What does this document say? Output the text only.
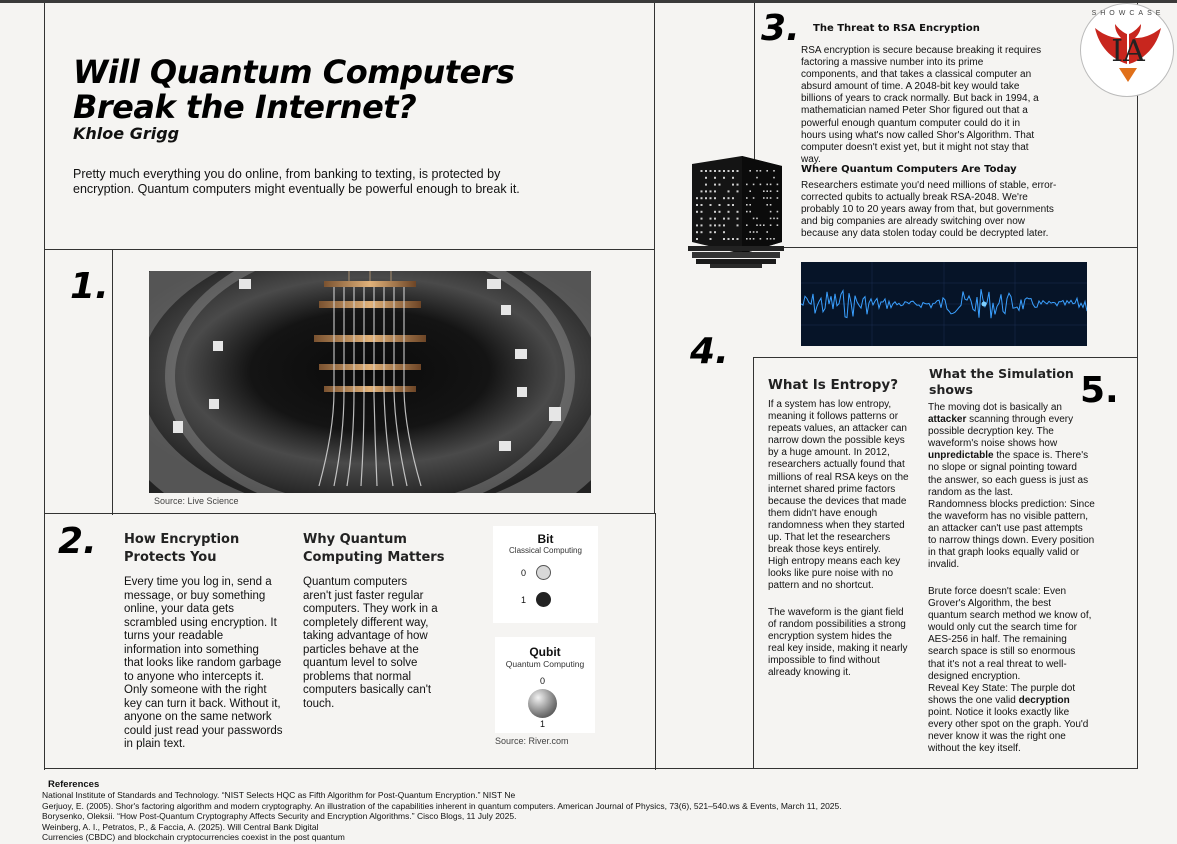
Will Quantum Computers
Break the Internet?
Khloe Grigg
Pretty much everything you do online, from banking to texting, is protected by encryption. Quantum computers might eventually be powerful enough to break it.
1.
2.
3.
4.
5.
Source: Live Science
How Encryption
Protects You
Every time you log in, send a
message, or buy something
online, your data gets
scrambled using encryption. It
turns your readable
information into something
that looks like random garbage
to anyone who intercepts it.
Only someone with the right
key can turn it back. Without it,
anyone on the same network
could just read your passwords
in plain text.
Why Quantum
Computing Matters
Quantum computers
aren't just faster regular
computers. They work in a
completely different way,
taking advantage of how
particles behave at the
quantum level to solve
problems that normal
computers basically can't
touch.
Bit
Classical Computing
0
1
Qubit
Quantum Computing
0
1
Source: River.com
IA
SHOWCASE
The Threat to RSA Encryption
RSA encryption is secure because breaking it requires
factoring a massive number into its prime
components, and that takes a classical computer an
absurd amount of time. A 2048-bit key would take
billions of years to crack normally. But back in 1994, a
mathematician named Peter Shor figured out that a
powerful enough quantum computer could do it in
hours using what's now called Shor's Algorithm. That
computer doesn't exist yet, but it might not stay that
way.
Where Quantum Computers Are Today
Researchers estimate you'd need millions of stable, error-
corrected qubits to actually break RSA-2048. We're
probably 10 to 20 years away from that, but governments
and big companies are already switching over now
because any data stolen today could be decrypted later.
What Is Entropy?
If a system has low entropy,
meaning it follows patterns or
repeats values, an attacker can
narrow down the possible keys
by a huge amount. In 2012,
researchers actually found that
millions of real RSA keys on the
internet shared prime factors
because the devices that made
them didn't have enough
randomness when they started
up. That let the researchers
break those keys entirely.
High entropy means each key
looks like pure noise with no
pattern and no shortcut.
The waveform is the giant field
of random possibilities a strong
encryption system hides the
real key inside, making it nearly
impossible to find without
already knowing it.
What the Simulation
shows
The moving dot is basically an
attacker scanning through every
possible decryption key. The
waveform's noise shows how
unpredictable the space is. There's
no slope or signal pointing toward
the answer, so each guess is just as
random as the last.
Randomness blocks prediction: Since
the waveform has no visible pattern,
an attacker can't use past attempts
to narrow things down. Every position
in that graph looks equally valid or
invalid.
Brute force doesn't scale: Even
Grover's Algorithm, the best
quantum search method we know of,
would only cut the search time for
AES-256 in half. The remaining
search space is still so enormous
that it's not a real threat to well-
designed encryption.
Reveal Key State: The purple dot
shows the one valid decryption
point. Notice it looks exactly like
every other spot on the graph. You'd
never know it was the right one
without the key itself.
References
National Institute of Standards and Technology. “NIST Selects HQC as Fifth Algorithm for Post-Quantum Encryption.” NIST Ne
Gerjuoy, E. (2005). Shor's factoring algorithm and modern cryptography. An illustration of the capabilities inherent in quantum computers. American Journal of Physics, 73(6), 521–540.ws & Events, March 11, 2025.
Borysenko, Oleksii. “How Post-Quantum Cryptography Affects Security and Encryption Algorithms.” Cisco Blogs, 11 July 2025.
Weinberg, A. I., Petratos, P., & Faccia, A. (2025). Will Central Bank Digital
Currencies (CBDC) and blockchain cryptocurrencies coexist in the post quantum
